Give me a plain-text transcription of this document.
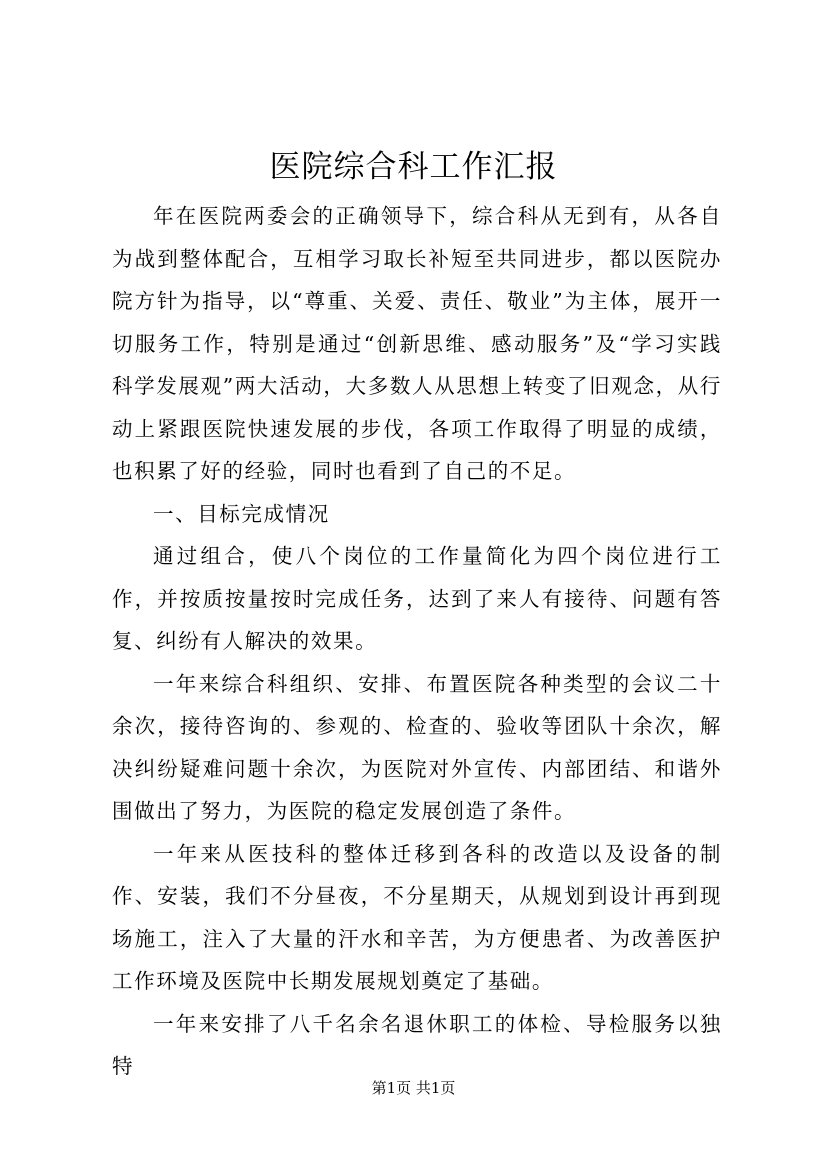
医院综合科工作汇报

年在医院两委会的正确领导下，综合科从无到有，从各自为战到整体配合，互相学习取长补短至共同进步，都以医院办院方针为指导，以“尊重、关爱、责任、敬业”为主体，展开一切服务工作，特别是通过“创新思维、感动服务”及“学习实践科学发展观”两大活动，大多数人从思想上转变了旧观念，从行动上紧跟医院快速发展的步伐，各项工作取得了明显的成绩，也积累了好的经验，同时也看到了自己的不足。

一、目标完成情况

通过组合，使八个岗位的工作量简化为四个岗位进行工作，并按质按量按时完成任务，达到了来人有接待、问题有答复、纠纷有人解决的效果。

一年来综合科组织、安排、布置医院各种类型的会议二十余次，接待咨询的、参观的、检查的、验收等团队十余次，解决纠纷疑难问题十余次，为医院对外宣传、内部团结、和谐外围做出了努力，为医院的稳定发展创造了条件。

一年来从医技科的整体迁移到各科的改造以及设备的制作、安装，我们不分昼夜，不分星期天，从规划到设计再到现场施工，注入了大量的汗水和辛苦，为方便患者、为改善医护工作环境及医院中长期发展规划奠定了基础。

一年来安排了八千名余名退休职工的体检、导检服务以独特

第1页 共1页
